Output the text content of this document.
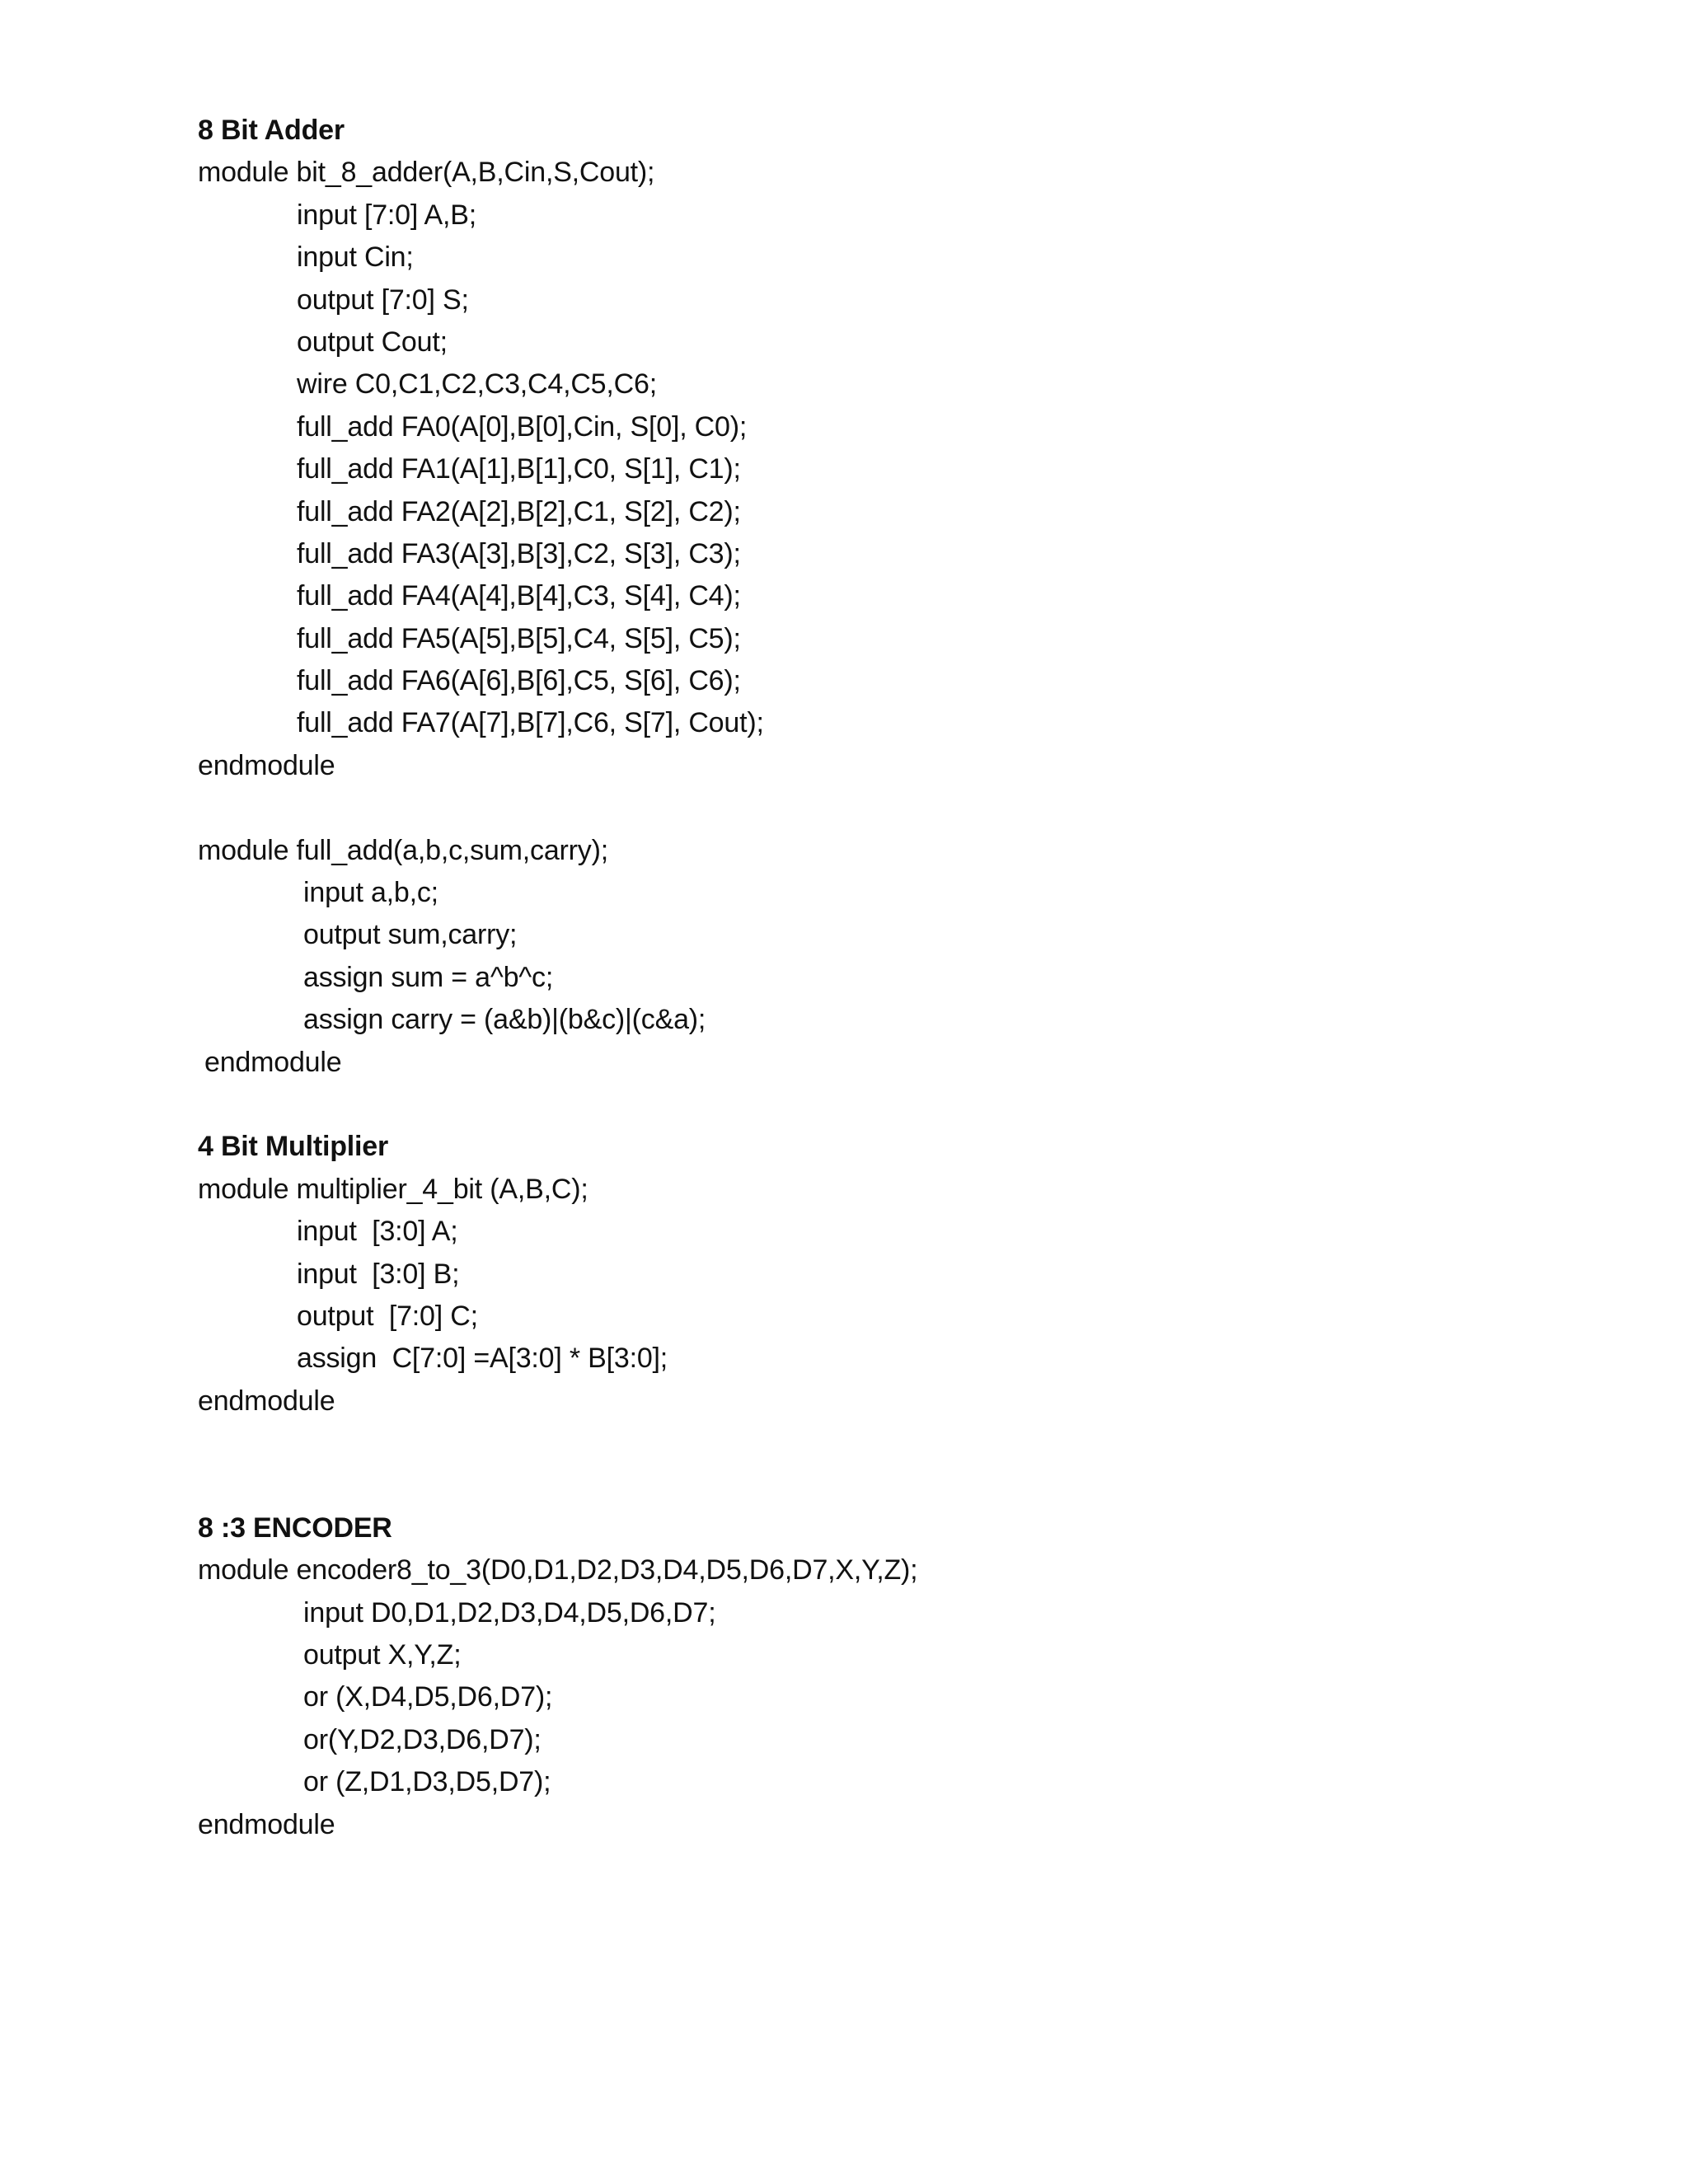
8 Bit Adder
module bit_8_adder(A,B,Cin,S,Cout);
input [7:0] A,B;
input Cin;
output [7:0] S;
output Cout;
wire C0,C1,C2,C3,C4,C5,C6;
full_add FA0(A[0],B[0],Cin, S[0], C0);
full_add FA1(A[1],B[1],C0, S[1], C1);
full_add FA2(A[2],B[2],C1, S[2], C2);
full_add FA3(A[3],B[3],C2, S[3], C3);
full_add FA4(A[4],B[4],C3, S[4], C4);
full_add FA5(A[5],B[5],C4, S[5], C5);
full_add FA6(A[6],B[6],C5, S[6], C6);
full_add FA7(A[7],B[7],C6, S[7], Cout);
endmodule
module full_add(a,b,c,sum,carry);
input a,b,c;
output sum,carry;
assign sum = a^b^c;
assign carry = (a&b)|(b&c)|(c&a);
endmodule
4 Bit Multiplier
module multiplier_4_bit (A,B,C);
input  [3:0] A;
input  [3:0] B;
output  [7:0] C;
assign  C[7:0] =A[3:0] * B[3:0];
endmodule
8 :3 ENCODER
module encoder8_to_3(D0,D1,D2,D3,D4,D5,D6,D7,X,Y,Z);
input D0,D1,D2,D3,D4,D5,D6,D7;
output X,Y,Z;
or (X,D4,D5,D6,D7);
or(Y,D2,D3,D6,D7);
or (Z,D1,D3,D5,D7);
endmodule
